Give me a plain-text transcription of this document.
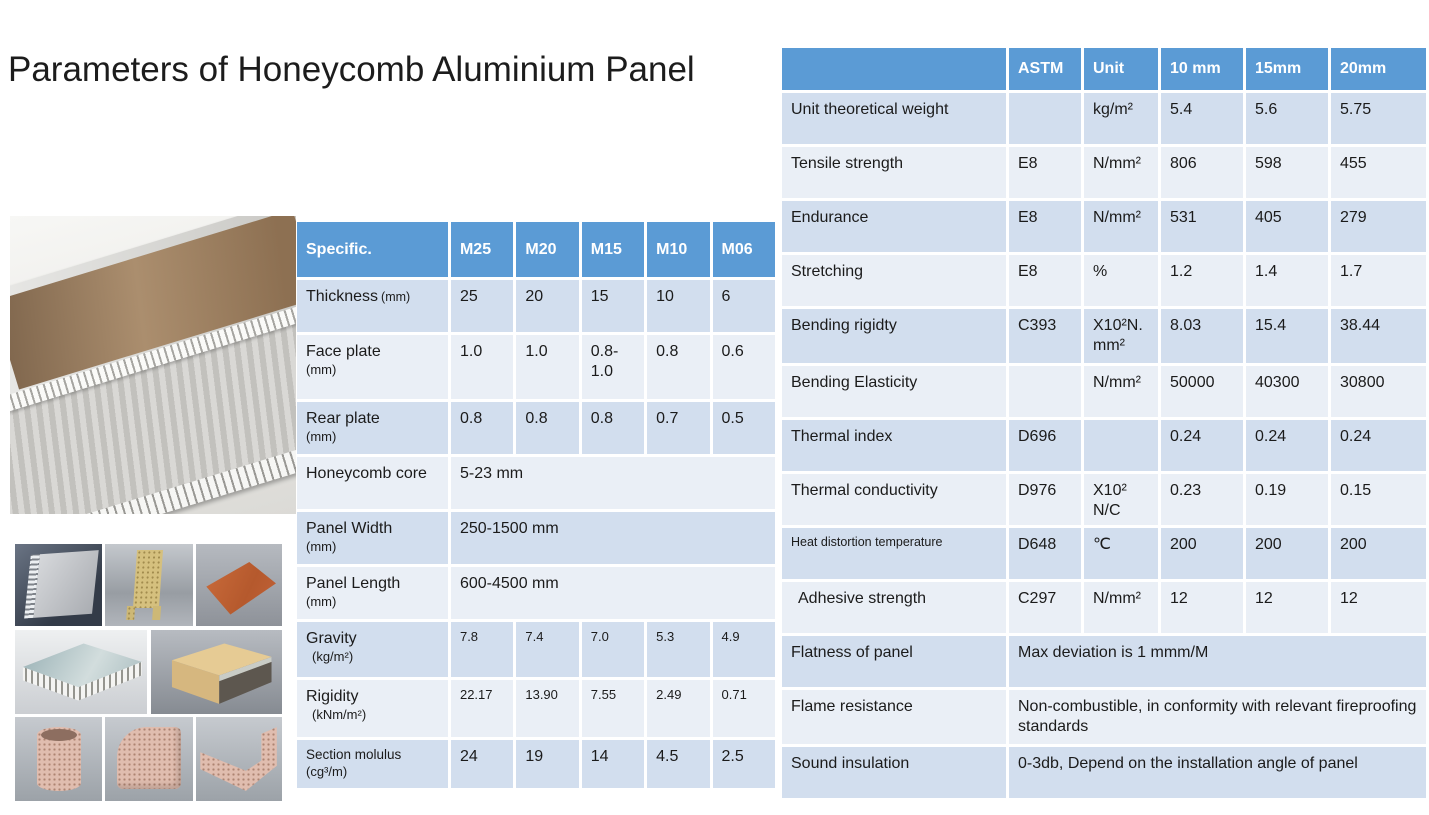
Parameters of Honeycomb Aluminium Panel
Specific.	M25	M20	M15	M10	M06
Thickness (mm)	25	20	15	10	6
Face plate
(mm)	1.0	1.0	0.8-1.0	0.8	0.6
Rear plate
(mm)	0.8	0.8	0.8	0.7	0.5
Honeycomb core	5-23 mm				
Panel Width
(mm)	250-1500 mm				
Panel Length
(mm)	600-4500 mm				
Gravity
(kg/m²)	7.8	7.4	7.0	5.3	4.9
Rigidity
(kNm/m²)	22.17	13.90	7.55	2.49	0.71
Section molulus
(cg³/m)	24	19	14	4.5	2.5
	ASTM	Unit	10 mm	15mm	20mm
Unit theoretical weight		kg/m²	5.4	5.6	5.75
Tensile strength	E8	N/mm²	806	598	455
Endurance	E8	N/mm²	531	405	279
Stretching	E8	%	1.2	1.4	1.7
Bending rigidty	C393	X10²N. mm²	8.03	15.4	38.44
Bending Elasticity		N/mm²	50000	40300	30800
Thermal index	D696		0.24	0.24	0.24
Thermal conductivity	D976	X10² N/C	0.23	0.19	0.15
Heat distortion temperature	D648	℃	200	200	200
Adhesive strength	C297	N/mm²	12	12	12
Flatness of panel	Max deviation is 1 mmm/M				
Flame resistance	Non-combustible, in conformity with relevant fireproofing standards				
Sound insulation	0-3db, Depend on the installation angle of panel				
